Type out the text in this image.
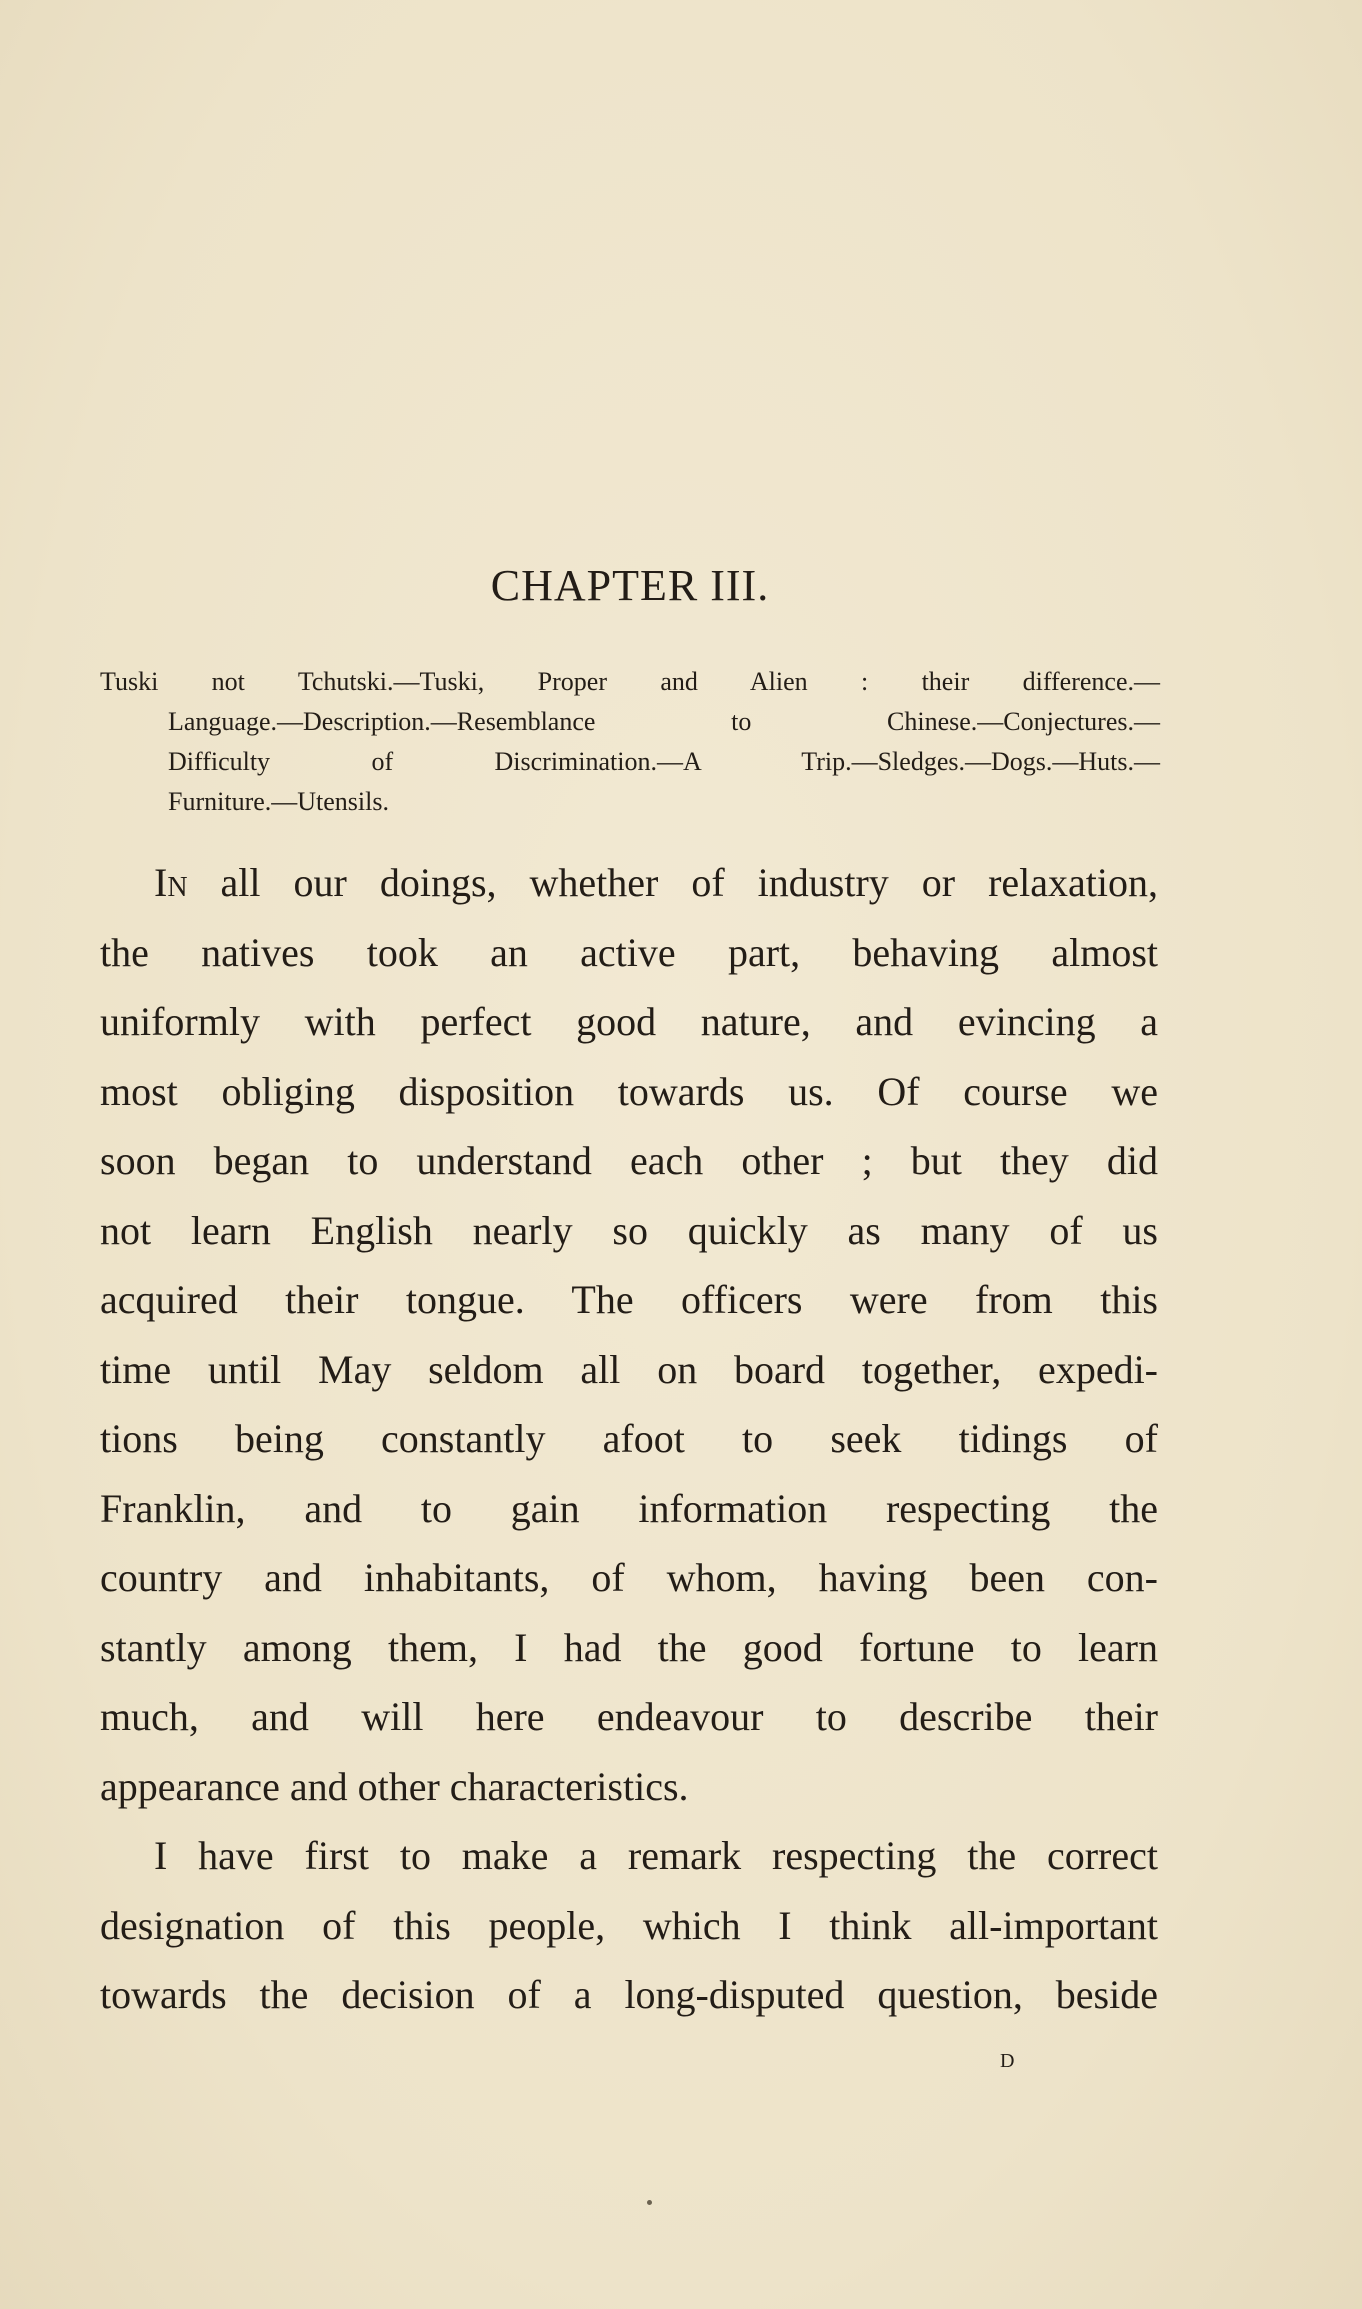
CHAPTER III.
Tuski not Tchutski.—Tuski, Proper and Alien : their difference.—
Language.—Description.—Resemblance to Chinese.—Conjectures.—
Difficulty of Discrimination.—A Trip.—Sledges.—Dogs.—Huts.—
Furniture.—Utensils.
In all our doings, whether of industry or relaxation,
the natives took an active part, behaving almost
uniformly with perfect good nature, and evincing a
most obliging disposition towards us. Of course we
soon began to understand each other ; but they did
not learn English nearly so quickly as many of us
acquired their tongue. The officers were from this
time until May seldom all on board together, expedi-
tions being constantly afoot to seek tidings of
Franklin, and to gain information respecting the
country and inhabitants, of whom, having been con-
stantly among them, I had the good fortune to learn
much, and will here endeavour to describe their
appearance and other characteristics.
I have first to make a remark respecting the correct
designation of this people, which I think all-important
towards the decision of a long-disputed question, beside
D
